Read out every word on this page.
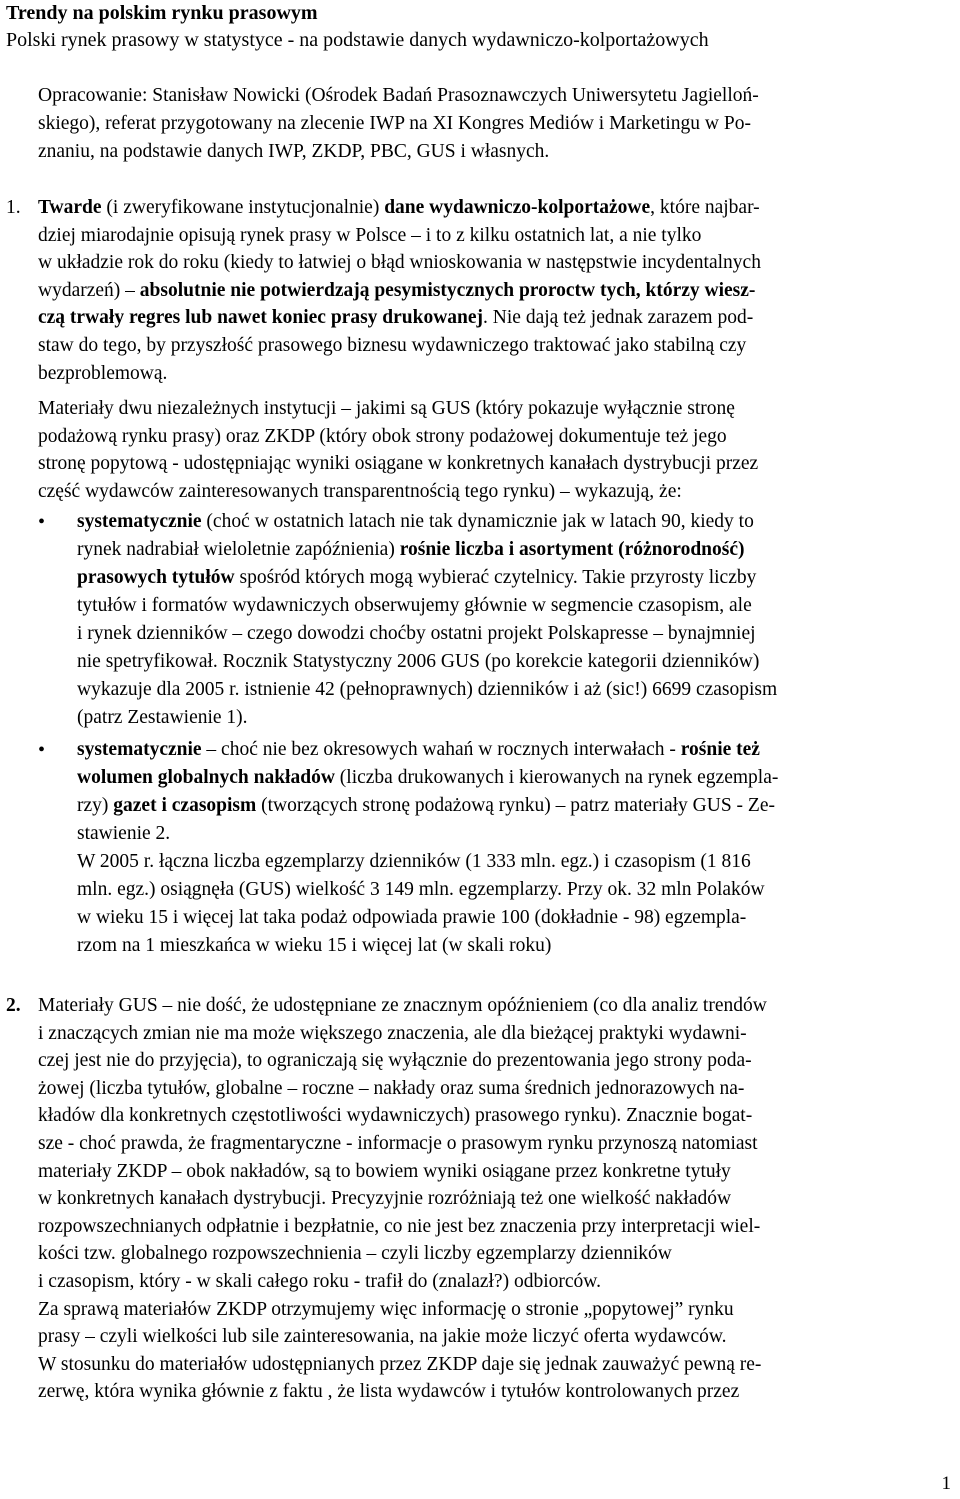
Trendy na polskim rynku prasowym
Polski rynek prasowy w statystyce - na podstawie danych wydawniczo-kolportażowych
Opracowanie: Stanisław Nowicki (Ośrodek Badań Prasoznawczych Uniwersytetu Jagielloń-
skiego), referat przygotowany na zlecenie IWP na XI Kongres Mediów i Marketingu w Po-
znaniu, na podstawie danych IWP, ZKDP, PBC, GUS i własnych.
1. Twarde (i zweryfikowane instytucjonalnie) dane wydawniczo-kolportażowe, które najbar-
dziej miarodajnie opisują rynek prasy w Polsce – i to z kilku ostatnich lat, a nie tylko
w układzie rok do roku (kiedy to łatwiej o błąd wnioskowania w następstwie incydentalnych
wydarzeń) – absolutnie nie potwierdzają pesymistycznych proroctw tych, którzy wiesz-
czą trwały regres lub nawet koniec prasy drukowanej. Nie dają też jednak zarazem pod-
staw do tego, by przyszłość prasowego biznesu wydawniczego traktować jako stabilną czy
bezproblemową.
Materiały dwu niezależnych instytucji – jakimi są GUS (który pokazuje wyłącznie stronę
podażową rynku prasy) oraz ZKDP (który obok strony podażowej dokumentuje też jego
stronę popytową - udostępniając wyniki osiągane w konkretnych kanałach dystrybucji przez
część wydawców zainteresowanych transparentnością tego rynku) – wykazują, że:
• systematycznie (choć w ostatnich latach nie tak dynamicznie jak w latach 90, kiedy to
rynek nadrabiał wieloletnie zapóźnienia) rośnie liczba i asortyment (różnorodność)
prasowych tytułów spośród których mogą wybierać czytelnicy. Takie przyrosty liczby
tytułów i formatów wydawniczych obserwujemy głównie w segmencie czasopism, ale
i rynek dzienników – czego dowodzi choćby ostatni projekt Polskapresse – bynajmniej
nie spetryfikował. Rocznik Statystyczny 2006 GUS (po korekcie kategorii dzienników)
wykazuje dla 2005 r. istnienie 42 (pełnoprawnych) dzienników i aż (sic!) 6699 czasopism
(patrz Zestawienie 1).
• systematycznie – choć nie bez okresowych wahań w rocznych interwałach - rośnie też
wolumen globalnych nakładów (liczba drukowanych i kierowanych na rynek egzempla-
rzy) gazet i czasopism (tworzących stronę podażową rynku) – patrz materiały GUS - Ze-
stawienie 2.
W 2005 r. łączna liczba egzemplarzy dzienników (1 333 mln. egz.) i czasopism (1 816
mln. egz.) osiągnęła (GUS) wielkość 3 149 mln. egzemplarzy. Przy ok. 32 mln Polaków
w wieku 15 i więcej lat taka podaż odpowiada prawie 100 (dokładnie - 98) egzempla-
rzom na 1 mieszkańca w wieku 15 i więcej lat (w skali roku)
2. Materiały GUS – nie dość, że udostępniane ze znacznym opóźnieniem (co dla analiz trendów
i znaczących zmian nie ma może większego znaczenia, ale dla bieżącej praktyki wydawni-
czej jest nie do przyjęcia), to ograniczają się wyłącznie do prezentowania jego strony poda-
żowej (liczba tytułów, globalne – roczne – nakłady oraz suma średnich jednorazowych na-
kładów dla konkretnych częstotliwości wydawniczych) prasowego rynku). Znacznie bogat-
sze - choć prawda, że fragmentaryczne - informacje o prasowym rynku przynoszą natomiast
materiały ZKDP – obok nakładów, są to bowiem wyniki osiągane przez konkretne tytuły
w konkretnych kanałach dystrybucji. Precyzyjnie rozróżniają też one wielkość nakładów
rozpowszechnianych odpłatnie i bezpłatnie, co nie jest bez znaczenia przy interpretacji wiel-
kości tzw. globalnego rozpowszechnienia – czyli liczby egzemplarzy dzienników
i czasopism, który - w skali całego roku - trafił do (znalazł?) odbiorców.
Za sprawą materiałów ZKDP otrzymujemy więc informację o stronie „popytowej” rynku
prasy – czyli wielkości lub sile zainteresowania, na jakie może liczyć oferta wydawców.
W stosunku do materiałów udostępnianych przez ZKDP daje się jednak zauważyć pewną re-
zerwę, która wynika głównie z faktu , że lista wydawców i tytułów kontrolowanych przez
1
